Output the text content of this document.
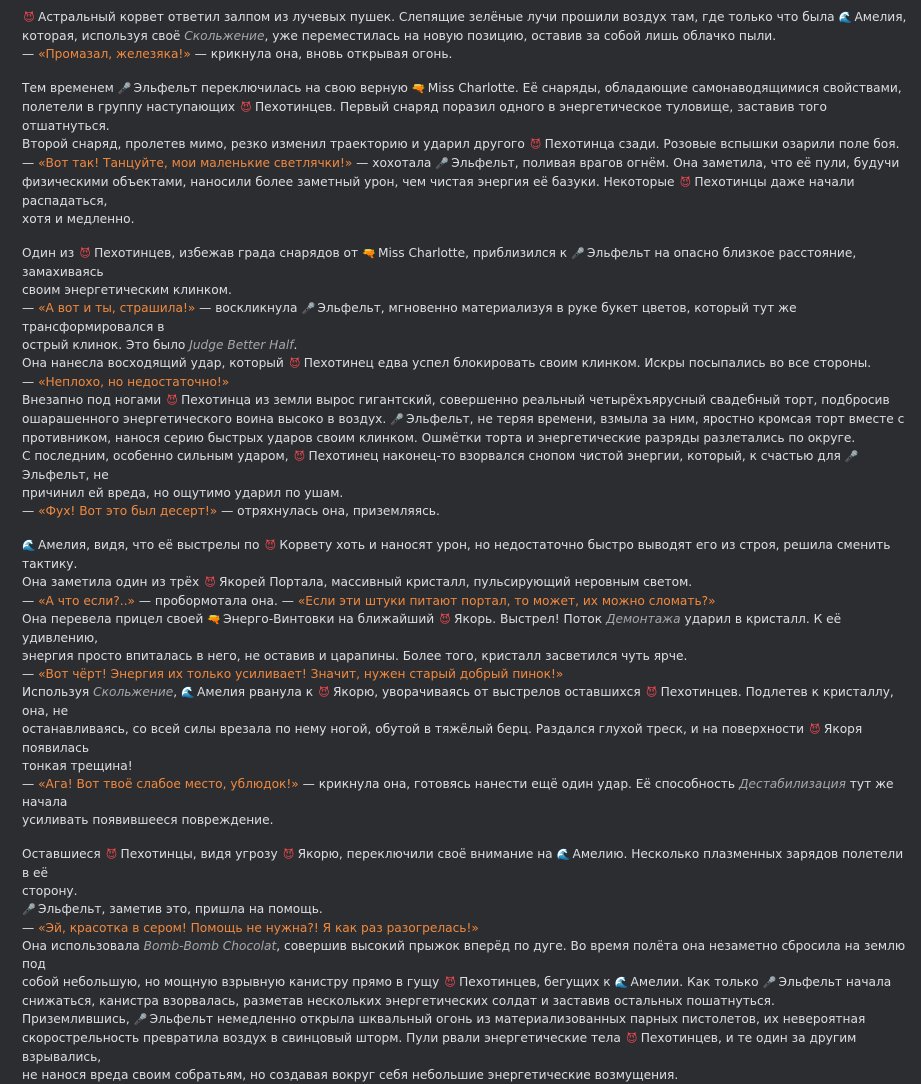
😈 Астральный корвет ответил залпом из лучевых пушек. Слепящие зелёные лучи прошили воздух там, где только что была 🌊 Амелия,
которая, используя своё Скольжение, уже переместилась на новую позицию, оставив за собой лишь облачко пыли.
— «Промазал, железяка!» — крикнула она, вновь открывая огонь.

Тем временем 🎤 Эльфельт переключилась на свою верную 🔫 Miss Charlotte. Её снаряды, обладающие самонаводящимися свойствами,
полетели в группу наступающих 😈 Пехотинцев. Первый снаряд поразил одного в энергетическое туловище, заставив того отшатнуться.
Второй снаряд, пролетев мимо, резко изменил траекторию и ударил другого 😈 Пехотинца сзади. Розовые вспышки озарили поле боя.
— «Вот так! Танцуйте, мои маленькие светлячки!» — хохотала 🎤 Эльфельт, поливая врагов огнём. Она заметила, что её пули, будучи
физическими объектами, наносили более заметный урон, чем чистая энергия её базуки. Некоторые 😈 Пехотинцы даже начали распадаться,
хотя и медленно.

Один из 😈 Пехотинцев, избежав града снарядов от 🔫 Miss Charlotte, приблизился к 🎤 Эльфельт на опасно близкое расстояние, замахиваясь
своим энергетическим клинком.
— «А вот и ты, страшила!» — воскликнула 🎤 Эльфельт, мгновенно материализуя в руке букет цветов, который тут же трансформировался в
острый клинок. Это было Judge Better Half.
Она нанесла восходящий удар, который 😈 Пехотинец едва успел блокировать своим клинком. Искры посыпались во все стороны.
— «Неплохо, но недостаточно!»
Внезапно под ногами 😈 Пехотинца из земли вырос гигантский, совершенно реальный четырёхъярусный свадебный торт, подбросив
ошарашенного энергетического воина высоко в воздух. 🎤 Эльфельт, не теряя времени, взмыла за ним, яростно кромсая торт вместе с
противником, нанося серию быстрых ударов своим клинком. Ошмётки торта и энергетические разряды разлетались по округе.
С последним, особенно сильным ударом, 😈 Пехотинец наконец-то взорвался снопом чистой энергии, который, к счастью для 🎤Эльфельт, не
причинил ей вреда, но ощутимо ударил по ушам.
— «Фух! Вот это был десерт!» — отряхнулась она, приземляясь.

🌊 Амелия, видя, что её выстрелы по 😈 Корвету хоть и наносят урон, но недостаточно быстро выводят его из строя, решила сменить тактику.
Она заметила один из трёх 😈 Якорей Портала, массивный кристалл, пульсирующий неровным светом.
— «А что если?..» — пробормотала она. — «Если эти штуки питают портал, то может, их можно сломать?»
Она перевела прицел своей 🔫 Энерго-Винтовки на ближайший 😈 Якорь. Выстрел! Поток Демонтажа ударил в кристалл. К её удивлению,
энергия просто впиталась в него, не оставив и царапины. Более того, кристалл засветился чуть ярче.
— «Вот чёрт! Энергия их только усиливает! Значит, нужен старый добрый пинок!»
Используя Скольжение, 🌊 Амелия рванула к 😈 Якорю, уворачиваясь от выстрелов оставшихся 😈 Пехотинцев. Подлетев к кристаллу, она, не
останавливаясь, со всей силы врезала по нему ногой, обутой в тяжёлый берц. Раздался глухой треск, и на поверхности 😈 Якоря появилась
тонкая трещина!
— «Ага! Вот твоё слабое место, ублюдок!» — крикнула она, готовясь нанести ещё один удар. Её способность Дестабилизация тут же начала
усиливать появившееся повреждение.

Оставшиеся 😈 Пехотинцы, видя угрозу 😈 Якорю, переключили своё внимание на 🌊 Амелию. Несколько плазменных зарядов полетели в её
сторону.
🎤 Эльфельт, заметив это, пришла на помощь.
— «Эй, красотка в сером! Помощь не нужна?! Я как раз разогрелась!»
Она использовала Bomb-Bomb Chocolat, совершив высокий прыжок вперёд по дуге. Во время полёта она незаметно сбросила на землю под
собой небольшую, но мощную взрывную канистру прямо в гущу 😈 Пехотинцев, бегущих к 🌊 Амелии. Как только 🎤 Эльфельт начала
снижаться, канистра взорвалась, разметав нескольких энергетических солдат и заставив остальных пошатнуться.
Приземлившись, 🎤 Эльфельт немедленно открыла шквальный огонь из материализованных парных пистолетов, их невероятная
скорострельность превратила воздух в свинцовый шторм. Пули рвали энергетические тела 😈 Пехотинцев, и те один за другим взрывались,
не нанося вреда своим собратьям, но создавая вокруг себя небольшие энергетические возмущения.
